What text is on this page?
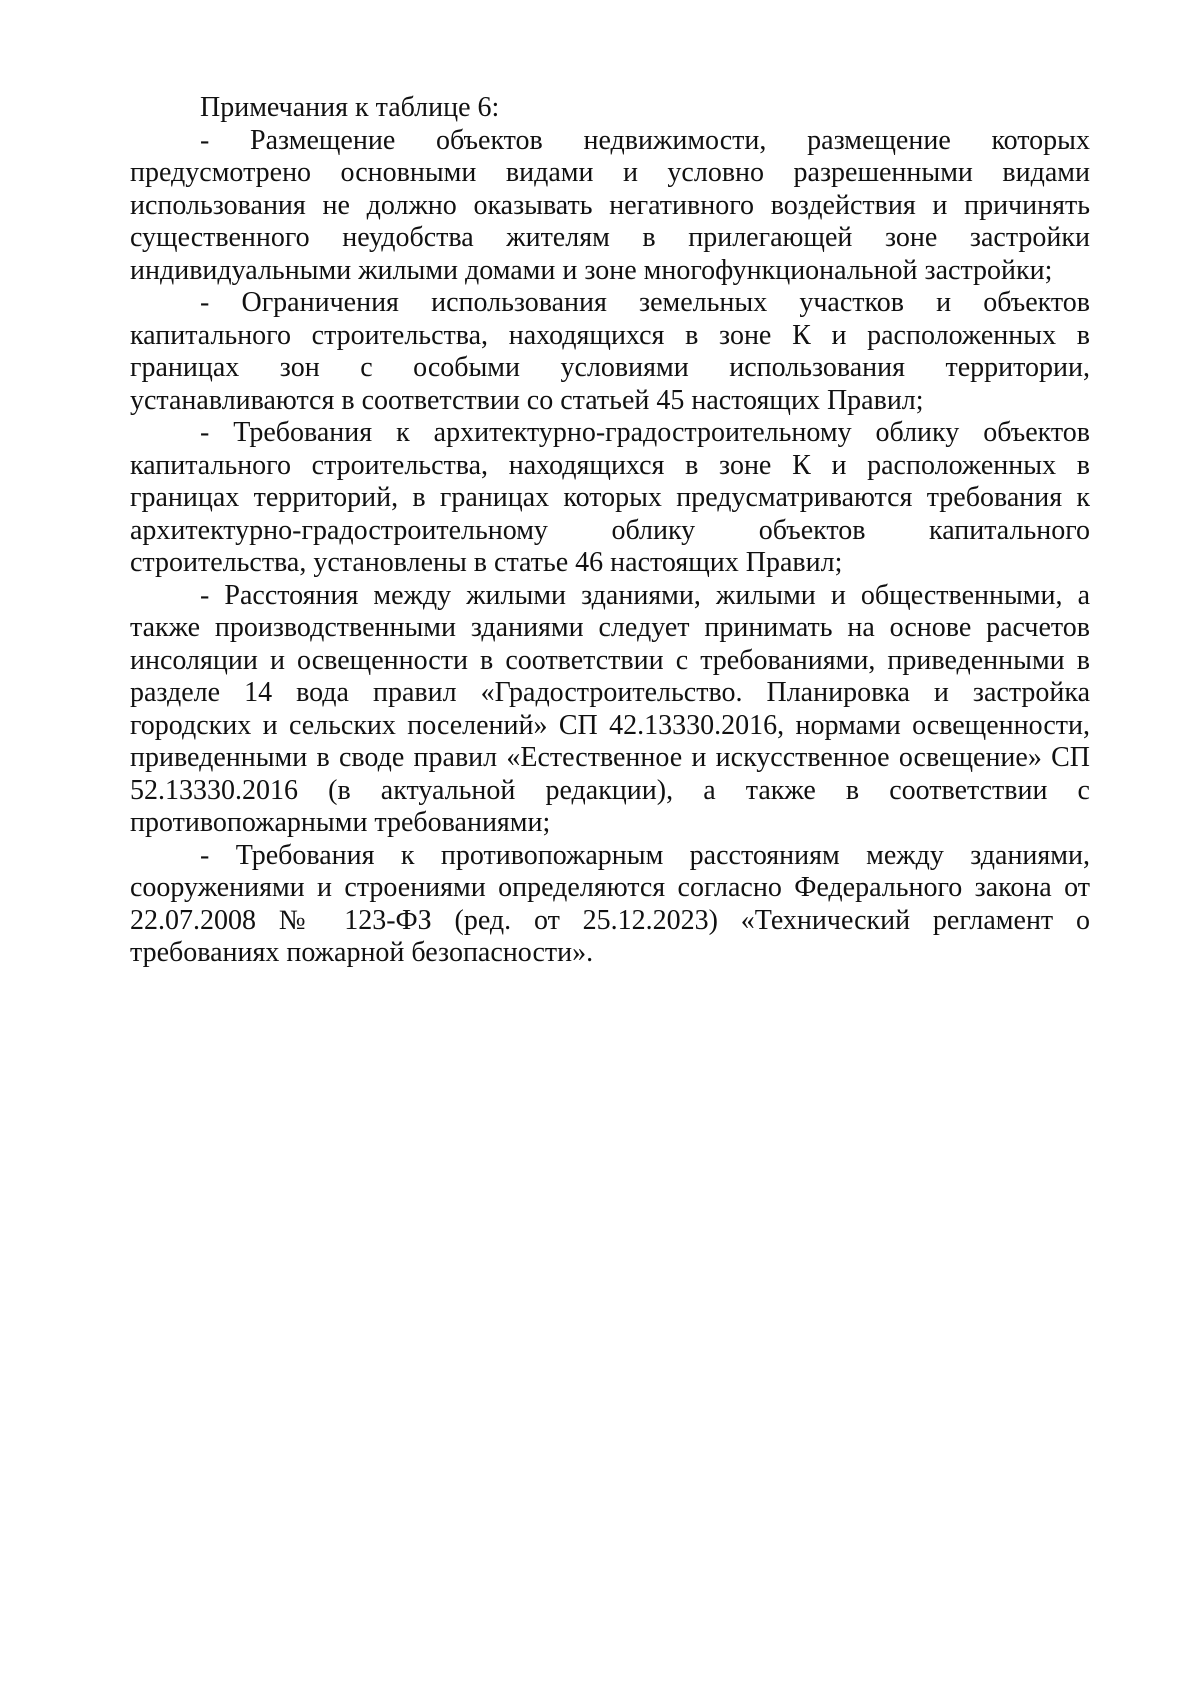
Примечания к таблице 6:

- Размещение объектов недвижимости, размещение которых предусмотрено основными видами и условно разрешенными видами использования не должно оказывать негативного воздействия и причинять существенного неудобства жителям в прилегающей зоне застройки индивидуальными жилыми домами и зоне многофункциональной застройки;

- Ограничения использования земельных участков и объектов капитального строительства, находящихся в зоне К и расположенных в границах зон с особыми условиями использования территории, устанавливаются в соответствии со статьей 45 настоящих Правил;

- Требования к архитектурно-градостроительному облику объектов капитального строительства, находящихся в зоне К и расположенных в границах территорий, в границах которых предусматриваются требования к архитектурно-градостроительному облику объектов капитального строительства, установлены в статье 46 настоящих Правил;

- Расстояния между жилыми зданиями, жилыми и общественными, а также производственными зданиями следует принимать на основе расчетов инсоляции и освещенности в соответствии с требованиями, приведенными в разделе 14 вода правил «Градостроительство. Планировка и застройка городских и сельских поселений» СП 42.13330.2016, нормами освещенности, приведенными в своде правил «Естественное и искусственное освещение» СП 52.13330.2016 (в актуальной редакции), а также в соответствии с противопожарными требованиями;

- Требования к противопожарным расстояниям между зданиями, сооружениями и строениями определяются согласно Федерального закона от 22.07.2008 № 123-ФЗ (ред. от 25.12.2023) «Технический регламент о требованиях пожарной безопасности».
